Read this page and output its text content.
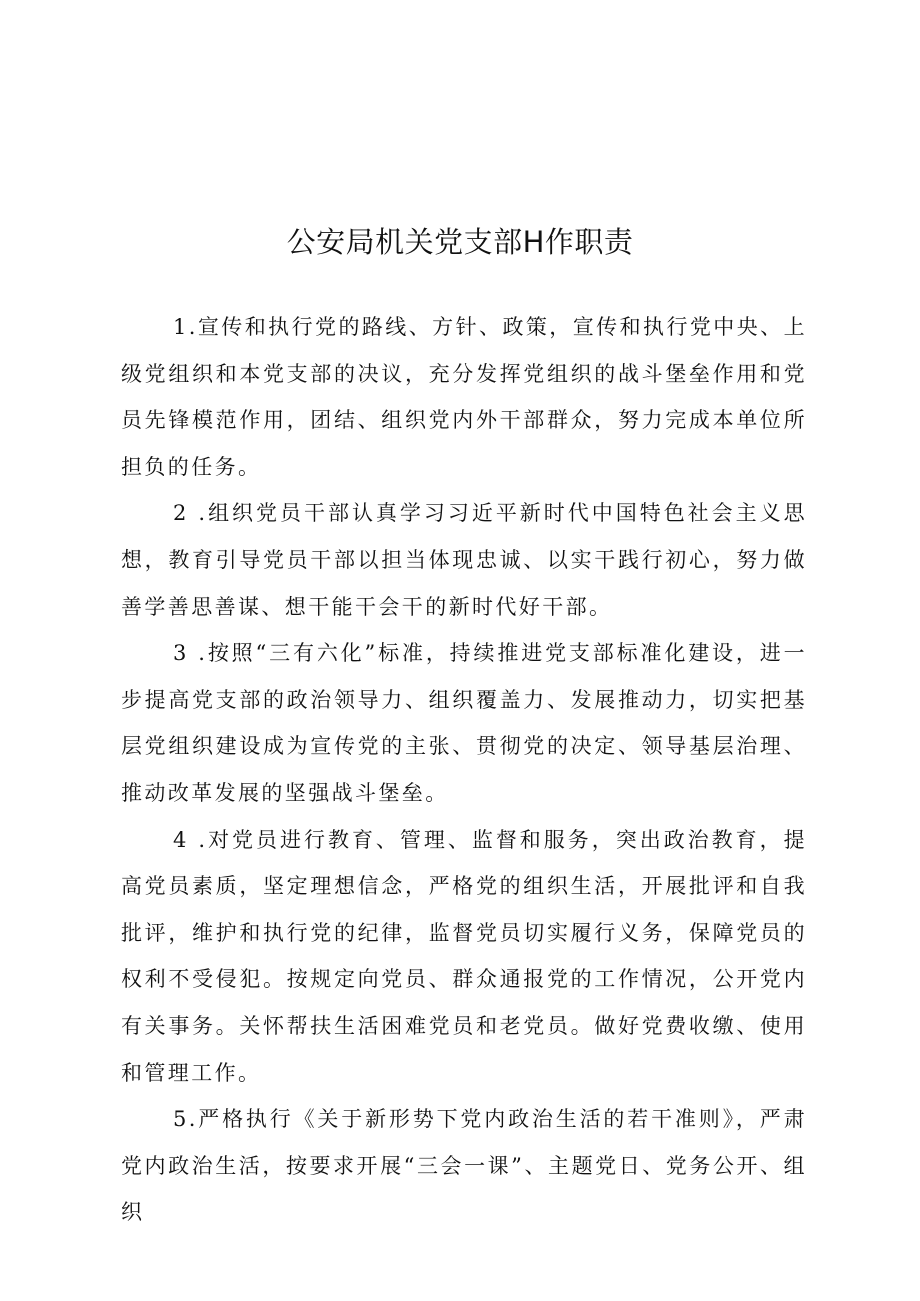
公安局机关党支部H作职责

1.宣传和执行党的路线、方针、政策，宣传和执行党中央、上级党组织和本党支部的决议，充分发挥党组织的战斗堡垒作用和党员先锋模范作用，团结、组织党内外干部群众，努力完成本单位所担负的任务。

2 .组织党员干部认真学习习近平新时代中国特色社会主义思想，教育引导党员干部以担当体现忠诚、以实干践行初心，努力做善学善思善谋、想干能干会干的新时代好干部。

3 .按照“三有六化”标准，持续推进党支部标准化建设，进一步提高党支部的政治领导力、组织覆盖力、发展推动力，切实把基层党组织建设成为宣传党的主张、贯彻党的决定、领导基层治理、推动改革发展的坚强战斗堡垒。

4 .对党员进行教育、管理、监督和服务，突出政治教育，提高党员素质，坚定理想信念，严格党的组织生活，开展批评和自我批评，维护和执行党的纪律，监督党员切实履行义务，保障党员的权利不受侵犯。按规定向党员、群众通报党的工作情况，公开党内有关事务。关怀帮扶生活困难党员和老党员。做好党费收缴、使用和管理工作。

5.严格执行《关于新形势下党内政治生活的若干准则》，严肃党内政治生活，按要求开展“三会一课”、主题党日、党务公开、组织
